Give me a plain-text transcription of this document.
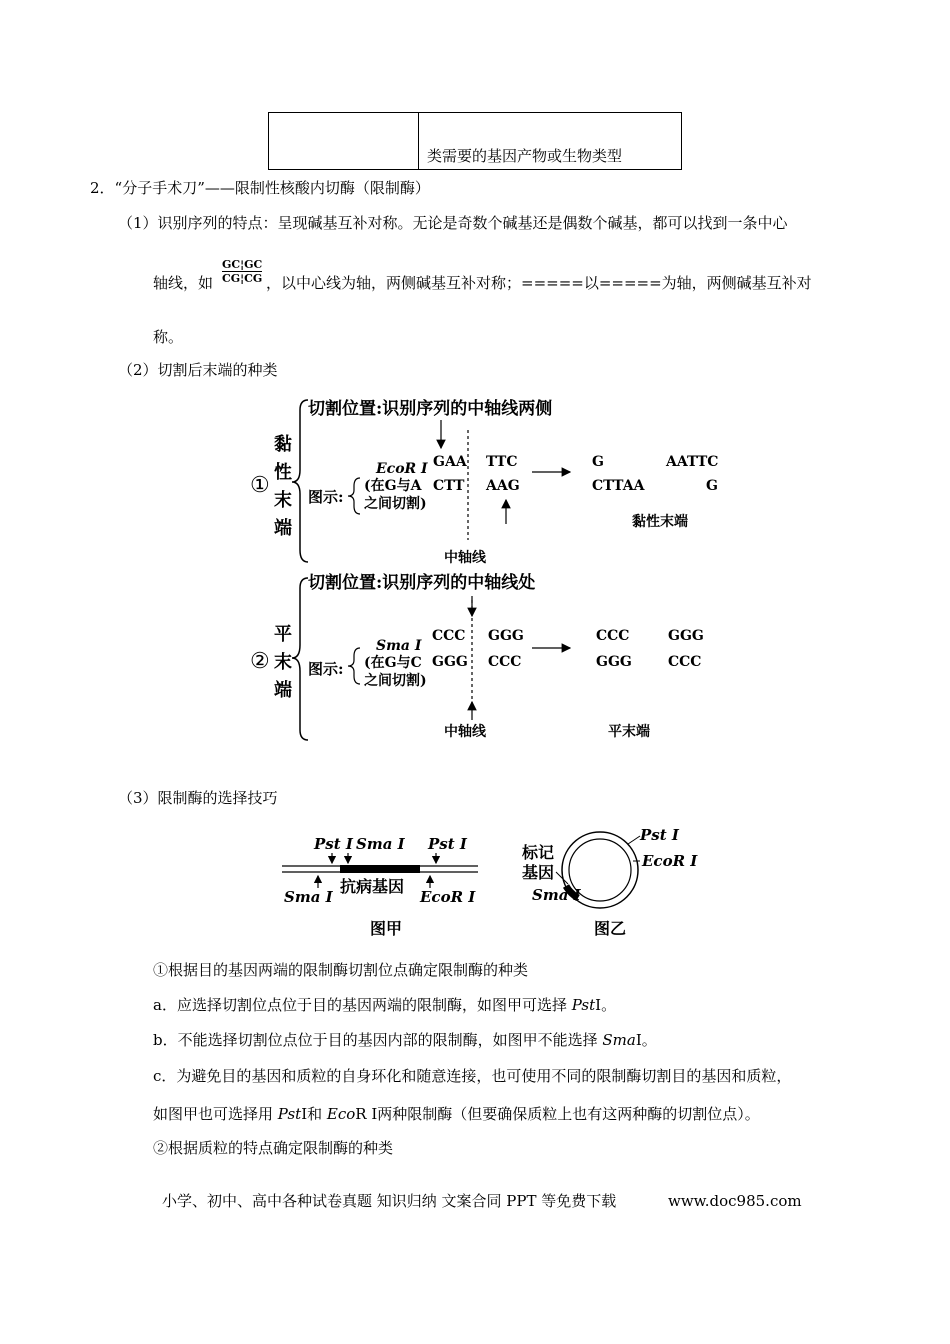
类需要的基因产物或生物类型
2．“分子手术刀”——限制性核酸内切酶（限制酶）
（1）识别序列的特点：呈现碱基互补对称。无论是奇数个碱基还是偶数个碱基，都可以找到一条中心
轴线，如 $\frac{GC¦GC}{CG¦CG}$ ，以中心线为轴，两侧碱基互补对称；=====以=====为轴，两侧碱基互补对
称。
（2）切割后末端的种类
黏
性
末
端
①
切割位置:识别序列的中轴线两侧
EcoR Ⅰ
(在G与A
之间切割)
图示:
GAA
CTT
TTC
AAG
G	AATTC
CTTAA	G
黏性末端
中轴线
平
末
端
②
切割位置:识别序列的中轴线处
Sma Ⅰ
(在G与C
之间切割)
图示:
CCC
GGG
GGG
CCC
CCC	GGG
GGG	CCC
平末端
中轴线
（3）限制酶的选择技巧
Pst Ⅰ Sma Ⅰ Pst Ⅰ
Sma Ⅰ
抗病基因
EcoR Ⅰ
图甲
Pst Ⅰ
EcoR Ⅰ
标记
基因
Sma Ⅰ
图乙
①根据目的基因两端的限制酶切割位点确定限制酶的种类
a．应选择切割位点位于目的基因两端的限制酶，如图甲可选择 PstⅠ。
b．不能选择切割位点位于目的基因内部的限制酶，如图甲不能选择 SmaⅠ。
c．为避免目的基因和质粒的自身环化和随意连接，也可使用不同的限制酶切割目的基因和质粒，
如图甲也可选择用 PstⅠ和 EcoR Ⅰ两种限制酶（但要确保质粒上也有这两种酶的切割位点）。
②根据质粒的特点确定限制酶的种类
小学、初中、高中各种试卷真题 知识归纳 文案合同 PPT 等免费下载	www.doc985.com
